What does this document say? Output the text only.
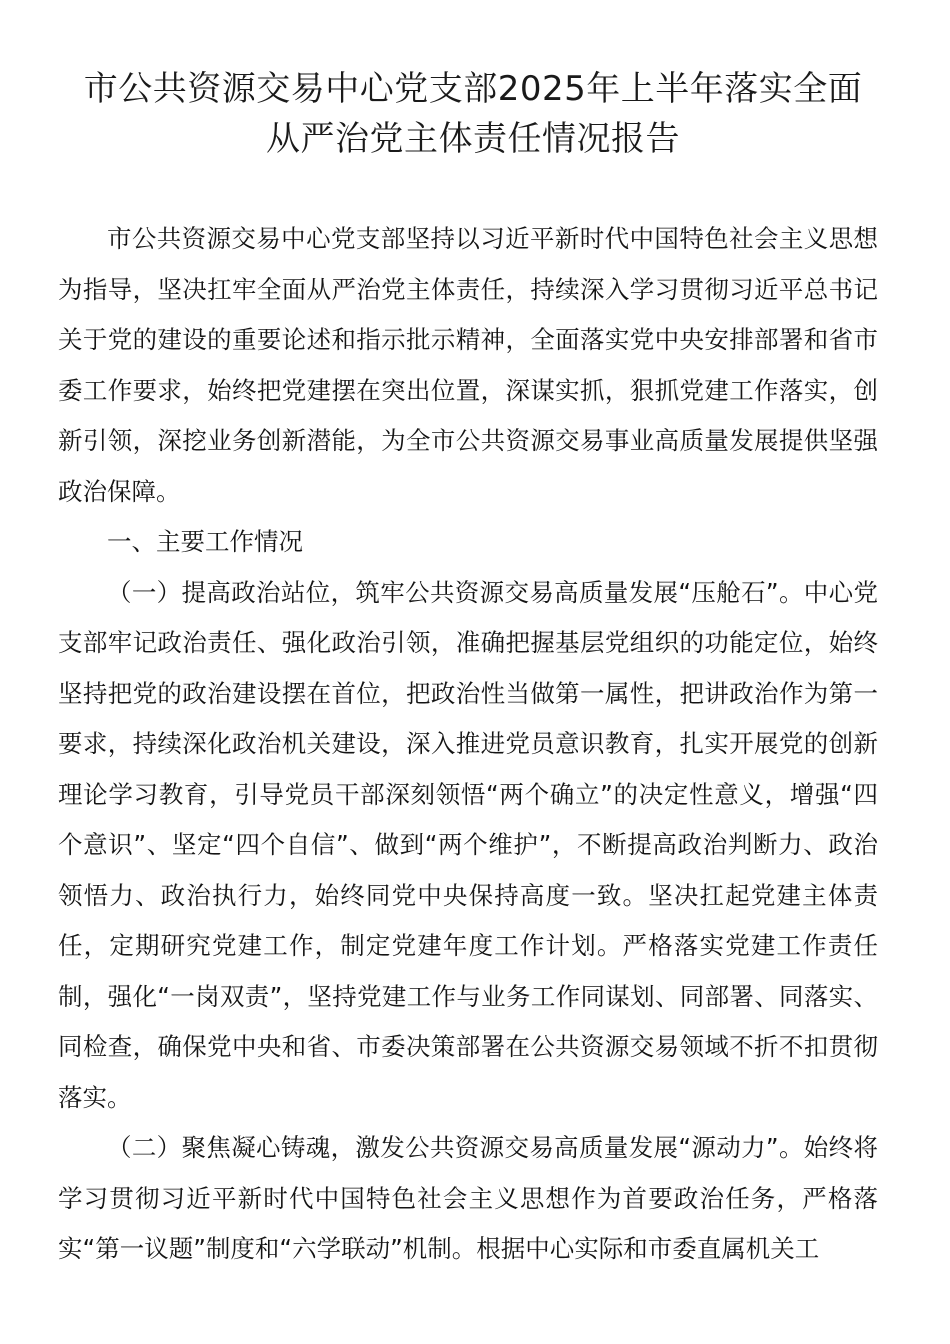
市公共资源交易中心党支部2025年上半年落实全面
从严治党主体责任情况报告

市公共资源交易中心党支部坚持以习近平新时代中国特色社会主义思想为指导，坚决扛牢全面从严治党主体责任，持续深入学习贯彻习近平总书记关于党的建设的重要论述和指示批示精神，全面落实党中央安排部署和省市委工作要求，始终把党建摆在突出位置，深谋实抓，狠抓党建工作落实，创新引领，深挖业务创新潜能，为全市公共资源交易事业高质量发展提供坚强政治保障。

一、主要工作情况

（一）提高政治站位，筑牢公共资源交易高质量发展“压舱石”。中心党支部牢记政治责任、强化政治引领，准确把握基层党组织的功能定位，始终坚持把党的政治建设摆在首位，把政治性当做第一属性，把讲政治作为第一要求，持续深化政治机关建设，深入推进党员意识教育，扎实开展党的创新理论学习教育，引导党员干部深刻领悟“两个确立”的决定性意义，增强“四个意识”、坚定“四个自信”、做到“两个维护”，不断提高政治判断力、政治领悟力、政治执行力，始终同党中央保持高度一致。坚决扛起党建主体责任，定期研究党建工作，制定党建年度工作计划。严格落实党建工作责任制，强化“一岗双责”，坚持党建工作与业务工作同谋划、同部署、同落实、同检查，确保党中央和省、市委决策部署在公共资源交易领域不折不扣贯彻落实。

（二）聚焦凝心铸魂，激发公共资源交易高质量发展“源动力”。始终将学习贯彻习近平新时代中国特色社会主义思想作为首要政治任务，严格落实“第一议题”制度和“六学联动”机制。根据中心实际和市委直属机关工
